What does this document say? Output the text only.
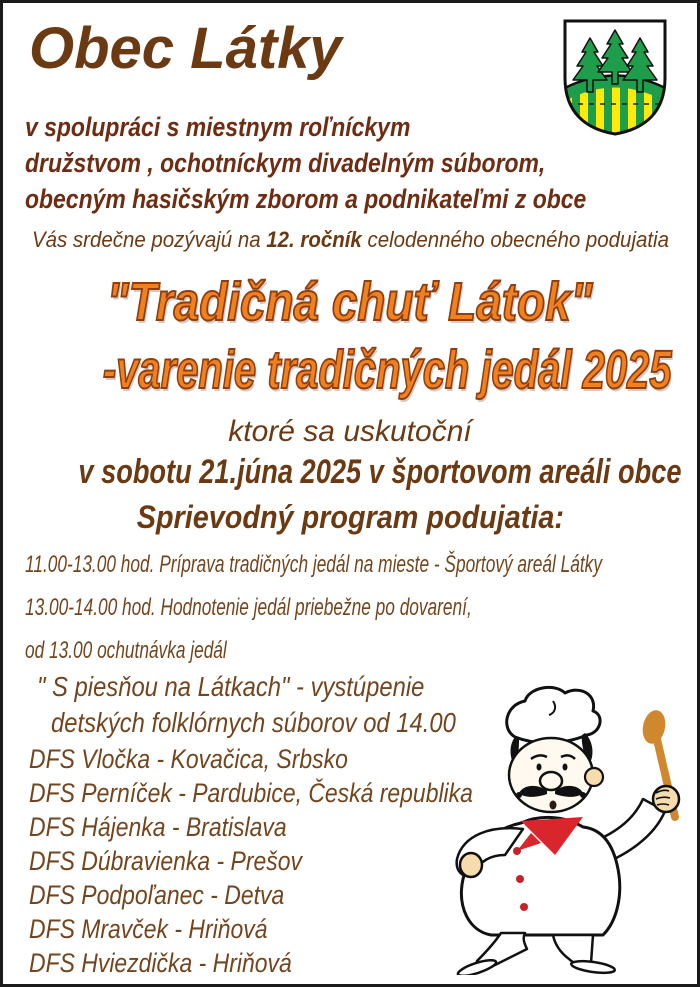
Obec Látky
v spolupráci s miestnym roľníckym
družstvom , ochotníckym divadelným súborom,
obecným hasičským zborom a podnikateľmi z obce
Vás srdečne pozývajú na 12. ročník celodenného obecného podujatia
"Tradičná chuť Látok"
-varenie tradičných jedál 2025
ktoré sa uskutoční
v sobotu 21.júna 2025 v športovom areáli obce
Sprievodný program podujatia:
11.00-13.00 hod. Príprava tradičných jedál na mieste - Športový areál Látky
13.00-14.00 hod. Hodnotenie jedál priebežne po dovarení,
od 13.00 ochutnávka jedál
" S piesňou na Látkach" - vystúpenie
detských folklórnych súborov od 14.00
DFS Vločka - Kovačica, Srbsko
DFS Perníček - Pardubice, Česká republika
DFS Hájenka - Bratislava
DFS Dúbravienka - Prešov
DFS Podpoľanec - Detva
DFS Mravček - Hriňová
DFS Hviezdička - Hriňová
